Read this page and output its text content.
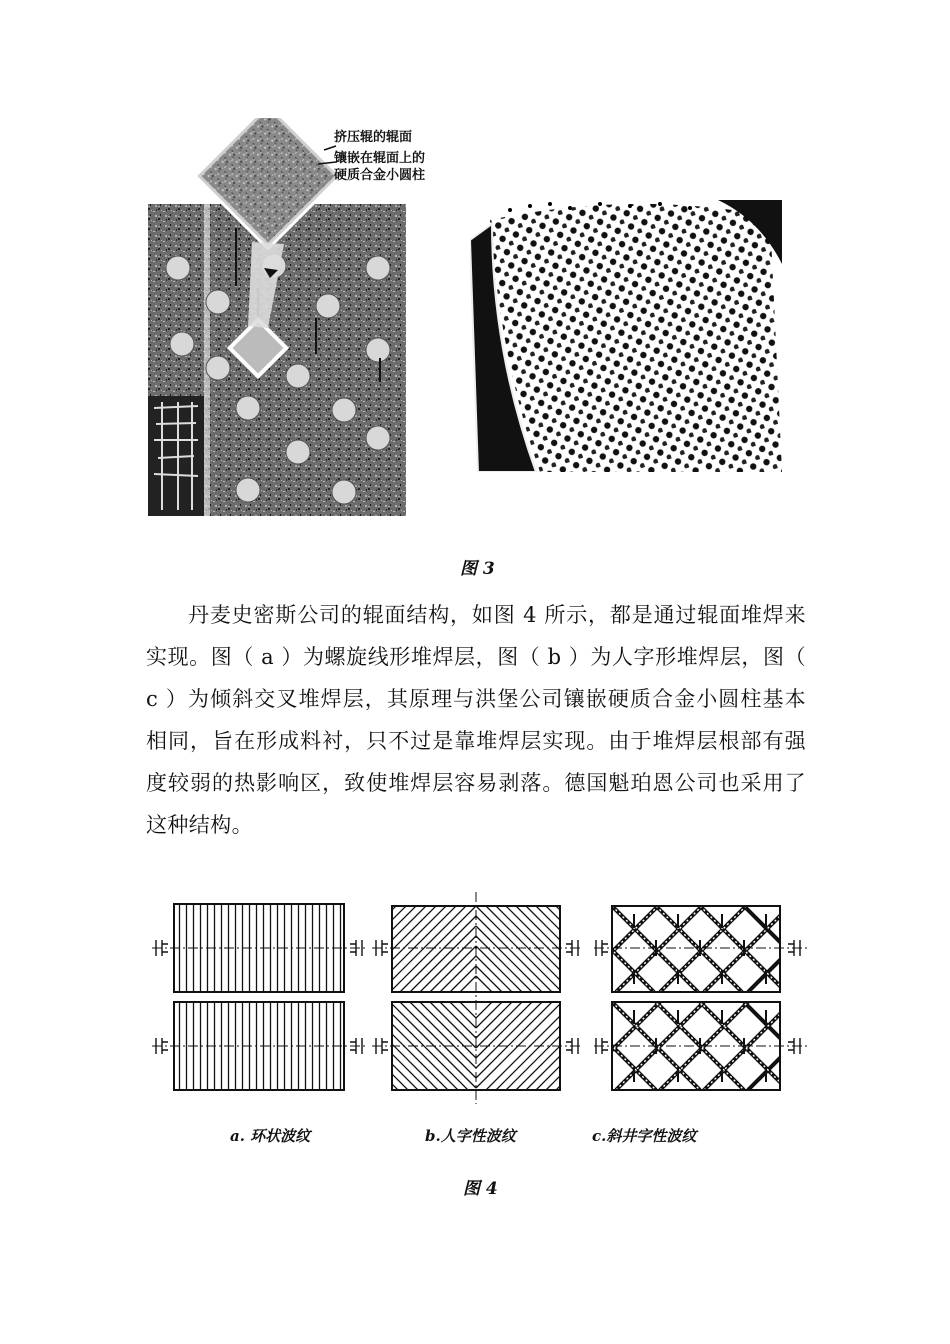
挤压辊的辊面
镶嵌在辊面上的
硬质合金小圆柱
图 3

丹麦史密斯公司的辊面结构，如图 4 所示，都是通过辊面堆焊来实现。图（ a ）为螺旋线形堆焊层，图（ b ）为人字形堆焊层，图（ c ）为倾斜交叉堆焊层，其原理与洪堡公司镶嵌硬质合金小圆柱基本相同，旨在形成料衬，只不过是靠堆焊层实现。由于堆焊层根部有强度较弱的热影响区，致使堆焊层容易剥落。德国魁珀恩公司也采用了这种结构。

a. 环状波纹	b.人字性波纹	c.斜井字性波纹
图 4
